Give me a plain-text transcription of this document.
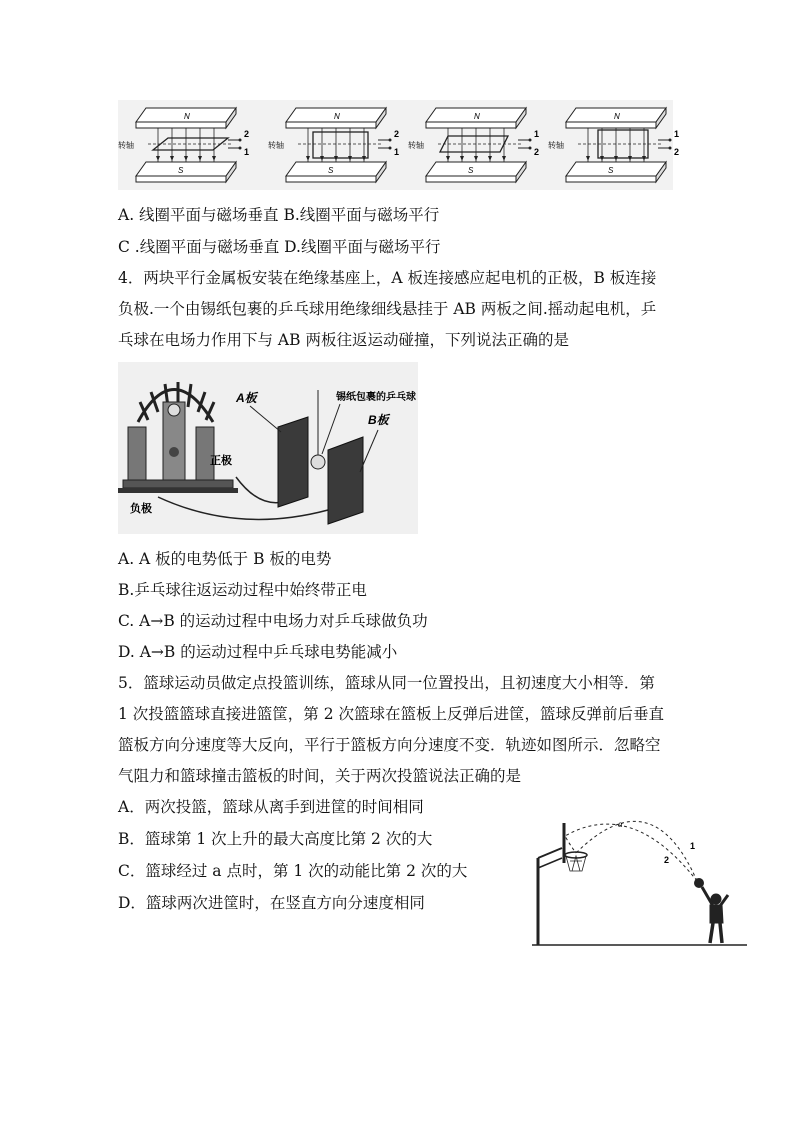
N
S
转轴
2
1
N
S
转轴
2
1
N
S
转轴
1
2
N
S
转轴
1
2
A. 线圈平面与磁场垂直 B.线圈平面与磁场平行
C .线圈平面与磁场垂直 D.线圈平面与磁场平行
4．两块平行金属板安装在绝缘基座上，A 板连接感应起电机的正极，B 板连接
负极.一个由锡纸包裹的乒乓球用绝缘细线悬挂于 AB 两板之间.摇动起电机，乒
乓球在电场力作用下与 AB 两板往返运动碰撞，下列说法正确的是
正极
负极
A板	锡纸包裹的乒乓球
B板
A. A 板的电势低于 B 板的电势
B.乒乓球往返运动过程中始终带正电
C. A→B 的运动过程中电场力对乒乓球做负功
D. A→B 的运动过程中乒乓球电势能减小
5．篮球运动员做定点投篮训练，篮球从同一位置投出，且初速度大小相等．第
1 次投篮篮球直接进篮筐，第 2 次篮球在篮板上反弹后进筐，篮球反弹前后垂直
篮板方向分速度等大反向，平行于篮板方向分速度不变．轨迹如图所示．忽略空
气阻力和篮球撞击篮板的时间，关于两次投篮说法正确的是
A．两次投篮，篮球从离手到进筐的时间相同
B．篮球第 1 次上升的最大高度比第 2 次的大
C．篮球经过 a 点时，第 1 次的动能比第 2 次的大
D．篮球两次进筐时，在竖直方向分速度相同
α
1
2
